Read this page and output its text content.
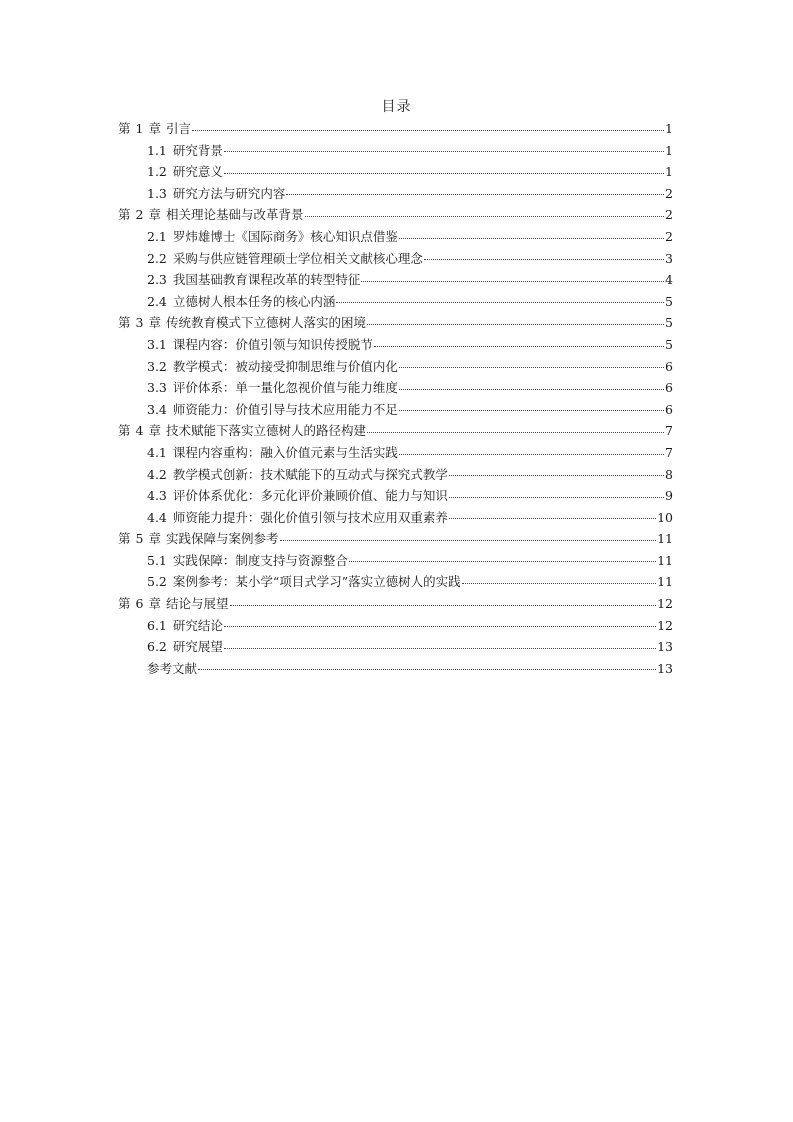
目录
第 1 章 引言	1
1.1 研究背景	1
1.2 研究意义	1
1.3 研究方法与研究内容	2
第 2 章 相关理论基础与改革背景	2
2.1 罗炜雄博士《国际商务》核心知识点借鉴	2
2.2 采购与供应链管理硕士学位相关文献核心理念	3
2.3 我国基础教育课程改革的转型特征	4
2.4 立德树人根本任务的核心内涵	5
第 3 章 传统教育模式下立德树人落实的困境	5
3.1 课程内容：价值引领与知识传授脱节	5
3.2 教学模式：被动接受抑制思维与价值内化	6
3.3 评价体系：单一量化忽视价值与能力维度	6
3.4 师资能力：价值引导与技术应用能力不足	6
第 4 章 技术赋能下落实立德树人的路径构建	7
4.1 课程内容重构：融入价值元素与生活实践	7
4.2 教学模式创新：技术赋能下的互动式与探究式教学	8
4.3 评价体系优化：多元化评价兼顾价值、能力与知识	9
4.4 师资能力提升：强化价值引领与技术应用双重素养	10
第 5 章 实践保障与案例参考	11
5.1 实践保障：制度支持与资源整合	11
5.2 案例参考：某小学“项目式学习”落实立德树人的实践	11
第 6 章 结论与展望	12
6.1 研究结论	12
6.2 研究展望	13
参考文献	13
